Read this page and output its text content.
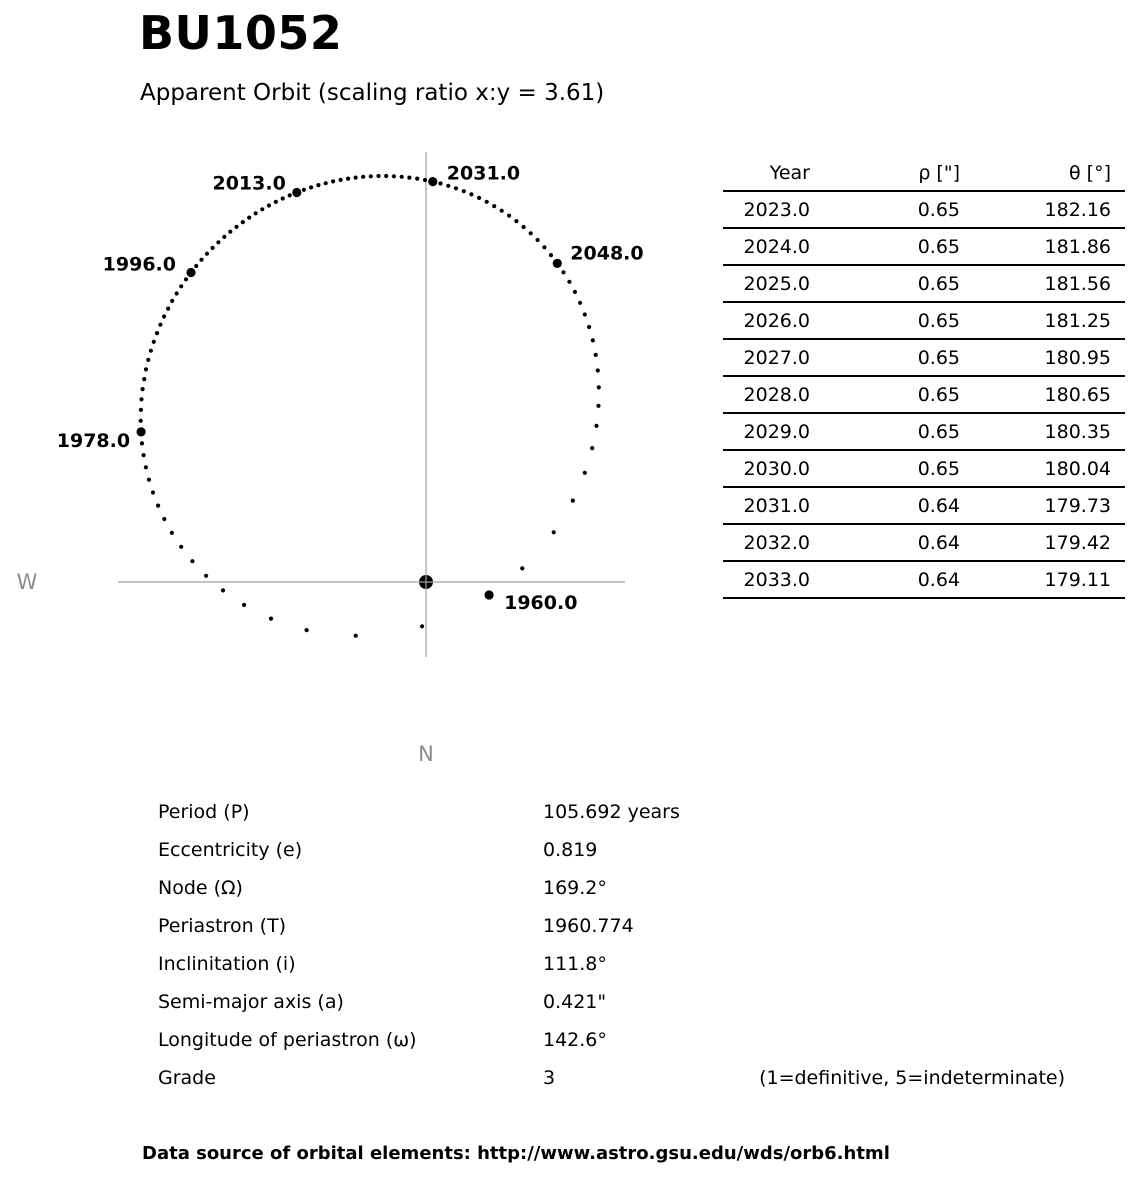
BU1052
Apparent Orbit (scaling ratio x:y = 3.61)
1960.0
1978.0
1996.0
2013.0	2031.0
2048.0
W
N
Year	ρ ["]	θ [°]
2023.0	0.65	182.16
2024.0	0.65	181.86
2025.0	0.65	181.56
2026.0	0.65	181.25
2027.0	0.65	180.95
2028.0	0.65	180.65
2029.0	0.65	180.35
2030.0	0.65	180.04
2031.0	0.64	179.73
2032.0	0.64	179.42
2033.0	0.64	179.11
Period (P)	105.692 years
Eccentricity (e)	0.819
Node (Ω)	169.2°
Periastron (T)	1960.774
Inclinitation (i)	111.8°
Semi-major axis (a)	0.421"
Longitude of periastron (ω)	142.6°
Grade	3	(1=definitive, 5=indeterminate)
Data source of orbital elements: http://www.astro.gsu.edu/wds/orb6.html
